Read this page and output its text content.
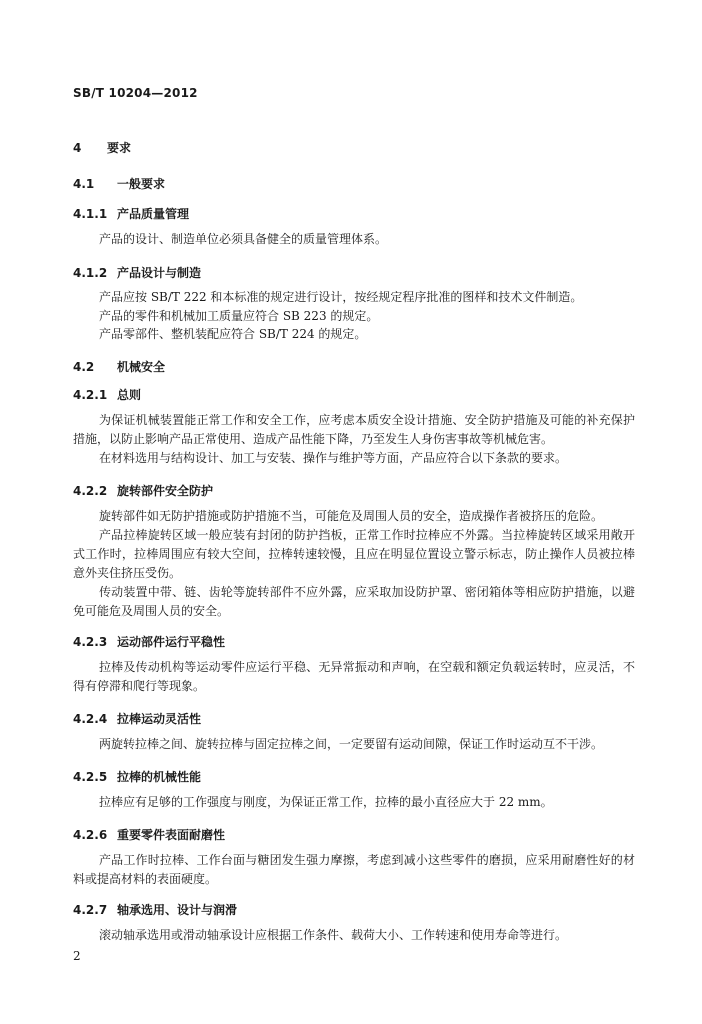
SB/T 10204—2012
4 要求
4.1 一般要求
4.1.1 产品质量管理

产品的设计、制造单位必须具备健全的质量管理体系。

4.1.2 产品设计与制造

产品应按 SB/T 222 和本标准的规定进行设计，按经规定程序批准的图样和技术文件制造。

产品的零件和机械加工质量应符合 SB 223 的规定。

产品零部件、整机装配应符合 SB/T 224 的规定。

4.2 机械安全
4.2.1 总则

为保证机械装置能正常工作和安全工作，应考虑本质安全设计措施、安全防护措施及可能的补充保护措施，以防止影响产品正常使用、造成产品性能下降，乃至发生人身伤害事故等机械危害。

在材料选用与结构设计、加工与安装、操作与维护等方面，产品应符合以下条款的要求。

4.2.2 旋转部件安全防护

旋转部件如无防护措施或防护措施不当，可能危及周围人员的安全，造成操作者被挤压的危险。

产品拉棒旋转区域一般应装有封闭的防护挡板，正常工作时拉棒应不外露。当拉棒旋转区域采用敞开式工作时，拉棒周围应有较大空间，拉棒转速较慢，且应在明显位置设立警示标志，防止操作人员被拉棒意外夹住挤压受伤。

传动装置中带、链、齿轮等旋转部件不应外露，应采取加设防护罩、密闭箱体等相应防护措施，以避免可能危及周围人员的安全。

4.2.3 运动部件运行平稳性

拉棒及传动机构等运动零件应运行平稳、无异常振动和声响，在空载和额定负载运转时，应灵活，不得有停滞和爬行等现象。

4.2.4 拉棒运动灵活性

两旋转拉棒之间、旋转拉棒与固定拉棒之间，一定要留有运动间隙，保证工作时运动互不干涉。

4.2.5 拉棒的机械性能

拉棒应有足够的工作强度与刚度，为保证正常工作，拉棒的最小直径应大于 22 mm。

4.2.6 重要零件表面耐磨性

产品工作时拉棒、工作台面与糖团发生强力摩擦，考虑到减小这些零件的磨损，应采用耐磨性好的材料或提高材料的表面硬度。

4.2.7 轴承选用、设计与润滑

滚动轴承选用或滑动轴承设计应根据工作条件、载荷大小、工作转速和使用寿命等进行。

2
